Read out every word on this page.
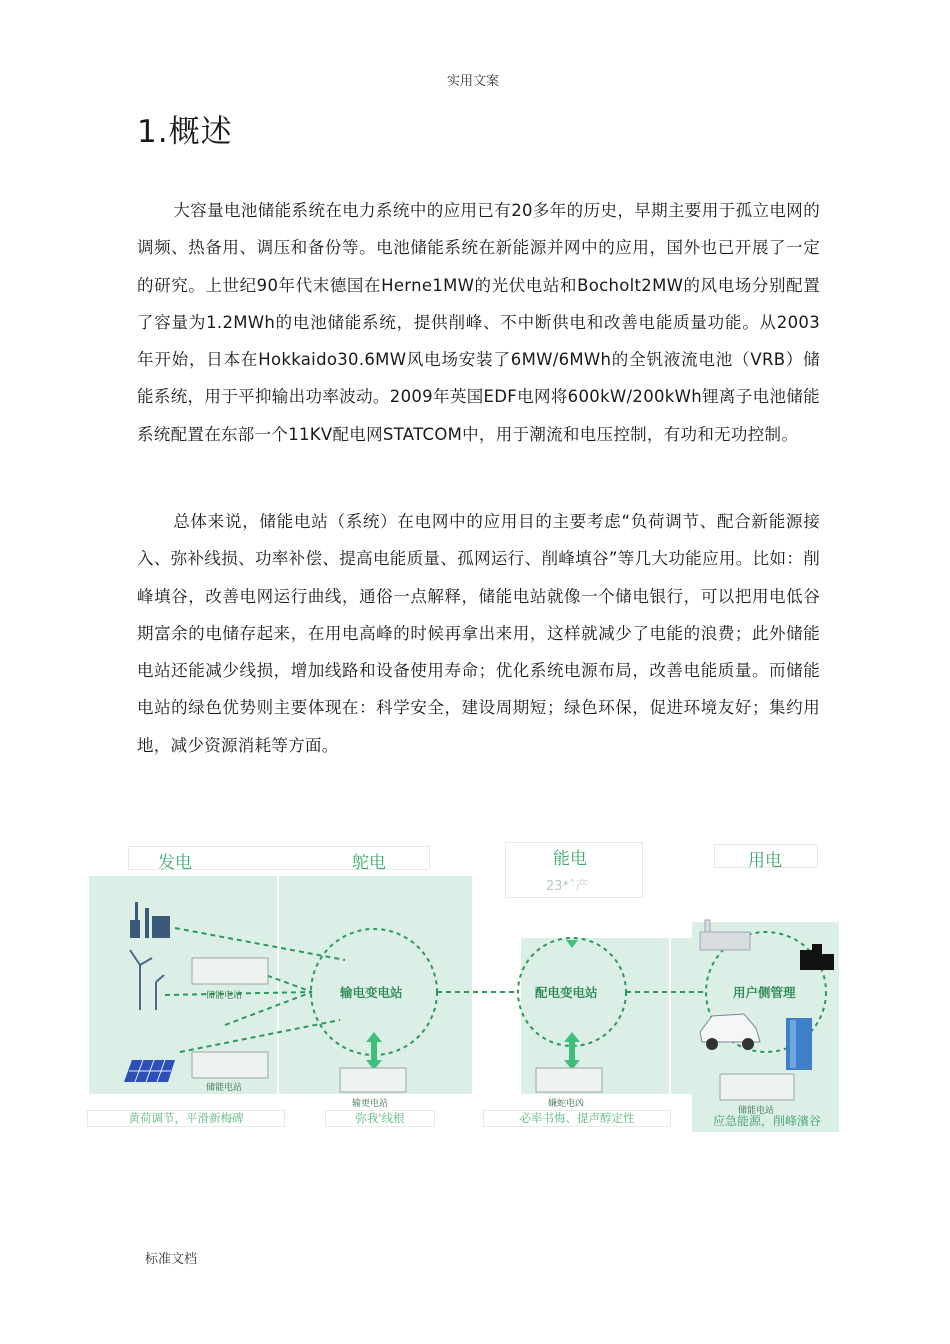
实用文案
1.概述

大容量电池储能系统在电力系统中的应用已有20多年的历史，早期主要用于孤立电网的调频、热备用、调压和备份等。电池储能系统在新能源并网中的应用，国外也已开展了一定的研究。上世纪90年代末德国在Herne1MW的光伏电站和Bocholt2MW的风电场分别配置了容量为1.2MWh的电池储能系统，提供削峰、不中断供电和改善电能质量功能。从2003年开始，日本在Hokkaido30.6MW风电场安装了6MW/6MWh的全钒液流电池（VRB）储能系统，用于平抑输出功率波动。2009年英国EDF电网将600kW/200kWh锂离子电池储能系统配置在东部一个11KV配电网STATCOM中，用于潮流和电压控制，有功和无功控制。

总体来说，储能电站（系统）在电网中的应用目的主要考虑“负荷调节、配合新能源接入、弥补线损、功率补偿、提高电能质量、孤网运行、削峰填谷”等几大功能应用。比如：削峰填谷，改善电网运行曲线，通俗一点解释，储能电站就像一个储电银行，可以把用电低谷期富余的电储存起来，在用电高峰的时候再拿出来用，这样就减少了电能的浪费；此外储能电站还能减少线损，增加线路和设备使用寿命；优化系统电源布局，改善电能质量。而储能电站的绿色优势则主要体现在：科学安全，建设周期短；绿色环保，促进环境友好；集约用地，减少资源消耗等方面。

发电	鸵电	能电
23*ˆ产
用电
输电变电站	配电变电站	用户侧管理
储能电站
储能电站
输更电站	嫌蛇电凶
储能电站
黄荷调节，平滑新梅碑	弥我'线根	必率书悔、提声醇定性	应急能源，削峰濱谷
标准文档
